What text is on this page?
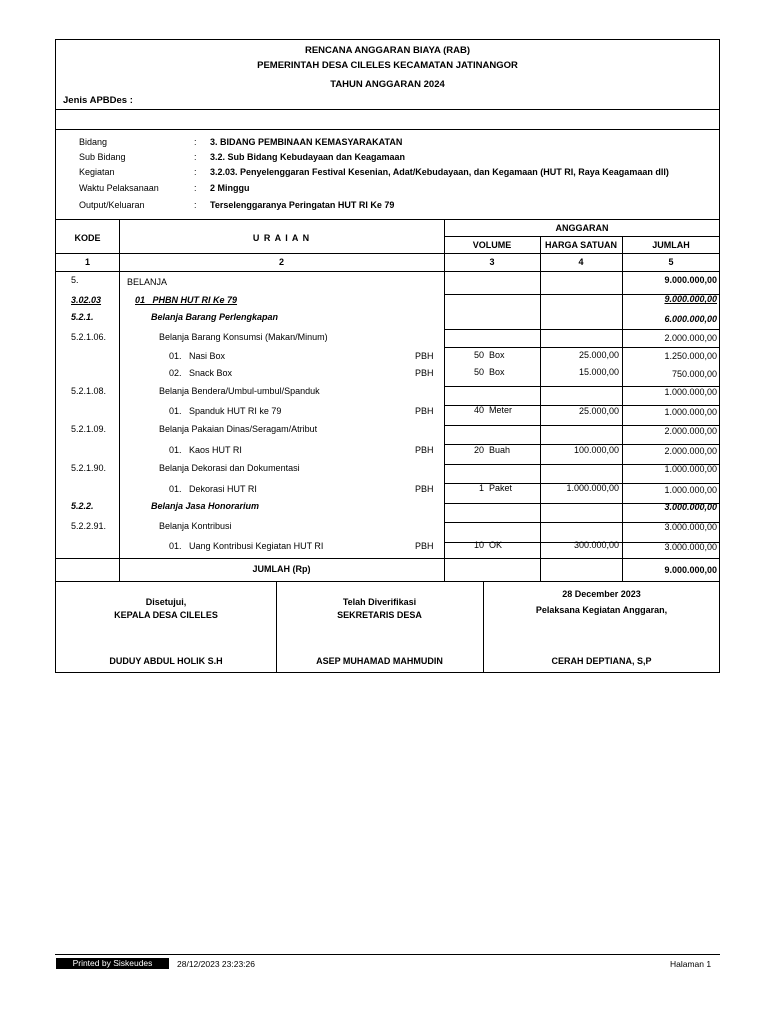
RENCANA ANGGARAN BIAYA (RAB)
PEMERINTAH DESA CILELES KECAMATAN JATINANGOR
TAHUN ANGGARAN 2024
Jenis APBDes :
Bidang	: 3. BIDANG PEMBINAAN KEMASYARAKATAN
Sub Bidang	: 3.2. Sub Bidang Kebudayaan dan Keagamaan
Kegiatan	: 3.2.03. Penyelenggaran Festival Kesenian, Adat/Kebudayaan, dan Kegamaan (HUT RI, Raya Keagamaan dll)
Waktu Pelaksanaan	: 2 Minggu
Output/Keluaran	: Terselenggaranya Peringatan HUT RI Ke 79
KODE	U R A I A N
ANGGARAN
VOLUME	HARGA SATUAN	JUMLAH
1	2	3	4	5
5.	BELANJA	9.000.000,00
3.02.03	01   PHBN HUT RI Ke 79	9.000.000,00
5.2.1.	Belanja Barang Perlengkapan	6.000.000,00
5.2.1.06.	Belanja Barang Konsumsi (Makan/Minum)	2.000.000,00
01.   Nasi Box	PBH	50  Box	25.000,00	1.250.000,00
02.   Snack Box	PBH	50  Box	15.000,00	750.000,00
5.2.1.08.	Belanja Bendera/Umbul-umbul/Spanduk	1.000.000,00
01.   Spanduk HUT RI ke 79	PBH	40  Meter	25.000,00	1.000.000,00
5.2.1.09.	Belanja Pakaian Dinas/Seragam/Atribut	2.000.000,00
01.   Kaos HUT RI	PBH	20  Buah	100.000,00	2.000.000,00
5.2.1.90.	Belanja Dekorasi dan Dokumentasi	1.000.000,00
01.   Dekorasi HUT RI	PBH	1  Paket	1.000.000,00	1.000.000,00
5.2.2.	Belanja Jasa Honorarium	3.000.000,00
5.2.2.91.	Belanja Kontribusi	3.000.000,00
01.   Uang Kontribusi Kegiatan HUT RI	PBH	10  OK	300.000,00	3.000.000,00
JUMLAH (Rp)	9.000.000,00
Disetujui,
KEPALA DESA CILELES
DUDUY ABDUL HOLIK S.H
Telah Diverifikasi
SEKRETARIS DESA
ASEP MUHAMAD MAHMUDIN
28 December 2023
Pelaksana Kegiatan Anggaran,
CERAH DEPTIANA, S,P
Printed by Siskeudes	28/12/2023 23:23:26	Halaman 1
